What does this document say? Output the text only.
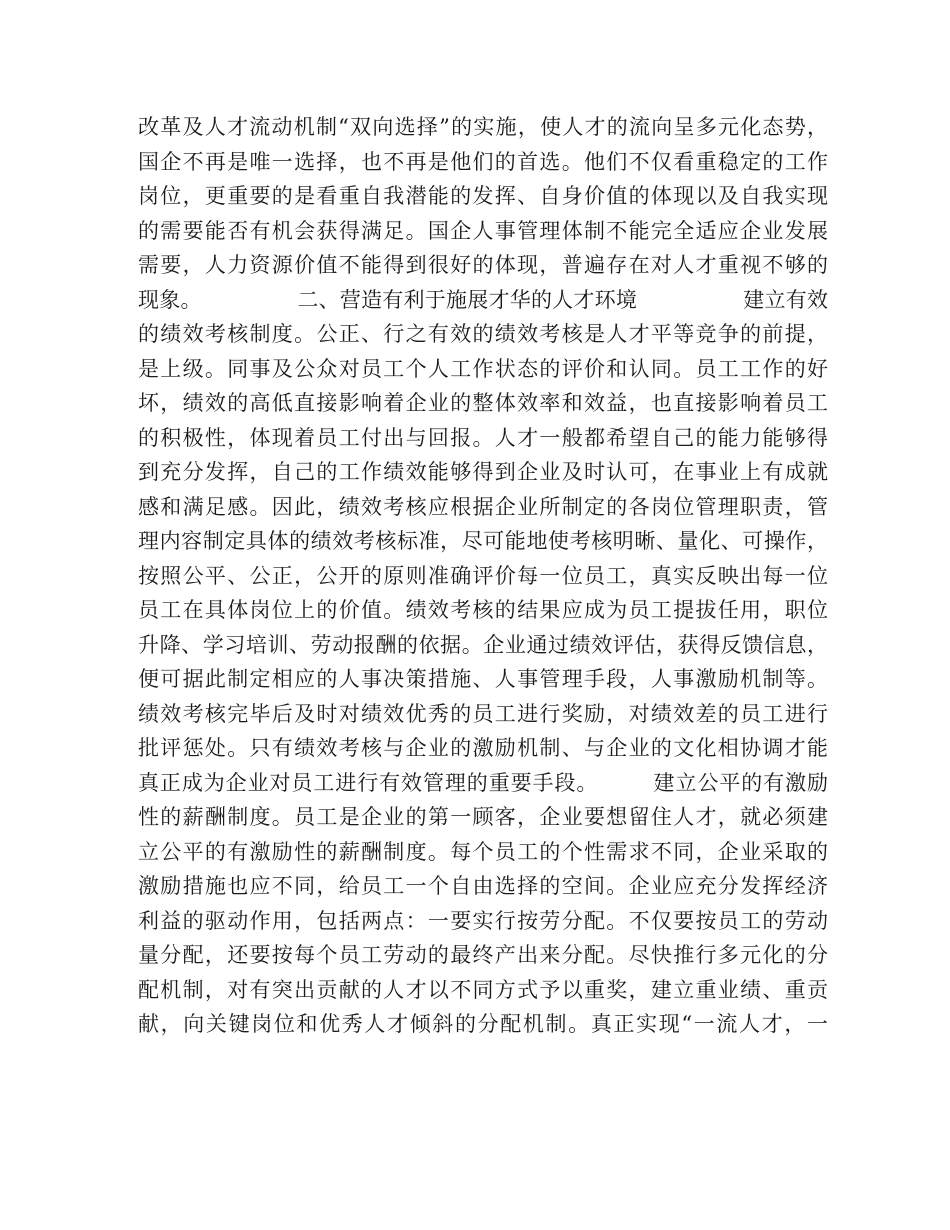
改革及人才流动机制“双向选择”的实施，使人才的流向呈多元化态势，
国企不再是唯一选择，也不再是他们的首选。他们不仅看重稳定的工作
岗位，更重要的是看重自我潜能的发挥、自身价值的体现以及自我实现
的需要能否有机会获得满足。国企人事管理体制不能完全适应企业发展
需要，人力资源价值不能得到很好的体现，普遍存在对人才重视不够的
现象。　　　　　二、营造有利于施展才华的人才环境　　　　　建立有效
的绩效考核制度。公正、行之有效的绩效考核是人才平等竞争的前提，
是上级。同事及公众对员工个人工作状态的评价和认同。员工工作的好
坏，绩效的高低直接影响着企业的整体效率和效益，也直接影响着员工
的积极性，体现着员工付出与回报。人才一般都希望自己的能力能够得
到充分发挥，自己的工作绩效能够得到企业及时认可，在事业上有成就
感和满足感。因此，绩效考核应根据企业所制定的各岗位管理职责，管
理内容制定具体的绩效考核标准，尽可能地使考核明晰、量化、可操作，
按照公平、公正，公开的原则准确评价每一位员工，真实反映出每一位
员工在具体岗位上的价值。绩效考核的结果应成为员工提拔任用，职位
升降、学习培训、劳动报酬的依据。企业通过绩效评估，获得反馈信息，
便可据此制定相应的人事决策措施、人事管理手段，人事激励机制等。
绩效考核完毕后及时对绩效优秀的员工进行奖励，对绩效差的员工进行
批评惩处。只有绩效考核与企业的激励机制、与企业的文化相协调才能
真正成为企业对员工进行有效管理的重要手段。　　　建立公平的有激励
性的薪酬制度。员工是企业的第一顾客，企业要想留住人才，就必须建
立公平的有激励性的薪酬制度。每个员工的个性需求不同，企业采取的
激励措施也应不同，给员工一个自由选择的空间。企业应充分发挥经济
利益的驱动作用，包括两点：一要实行按劳分配。不仅要按员工的劳动
量分配，还要按每个员工劳动的最终产出来分配。尽快推行多元化的分
配机制，对有突出贡献的人才以不同方式予以重奖，建立重业绩、重贡
献，向关键岗位和优秀人才倾斜的分配机制。真正实现“一流人才，一
